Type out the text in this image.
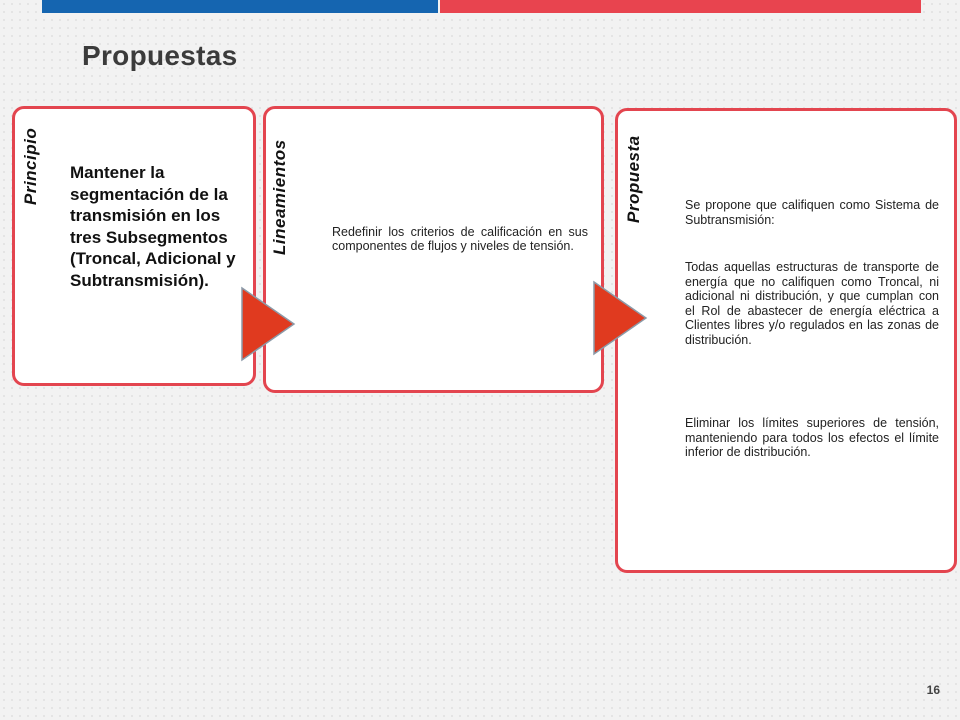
Propuestas
Principio Mantener la segmentación de la transmisión en los tres Subsegmentos (Troncal, Adicional y Subtransmisión).
Lineamientos	Redefinir los criterios de calificación en sus componentes de flujos y niveles de tensión.
Propuesta	Se propone que califiquen como Sistema de Subtransmisión:

Todas aquellas estructuras de transporte de energía que no califiquen como Troncal, ni adicional ni distribución, y que cumplan con el Rol de abastecer de energía eléctrica a Clientes libres y/o regulados en las zonas de distribución.

Eliminar los límites superiores de tensión, manteniendo para todos los efectos el límite inferior de distribución.

16
